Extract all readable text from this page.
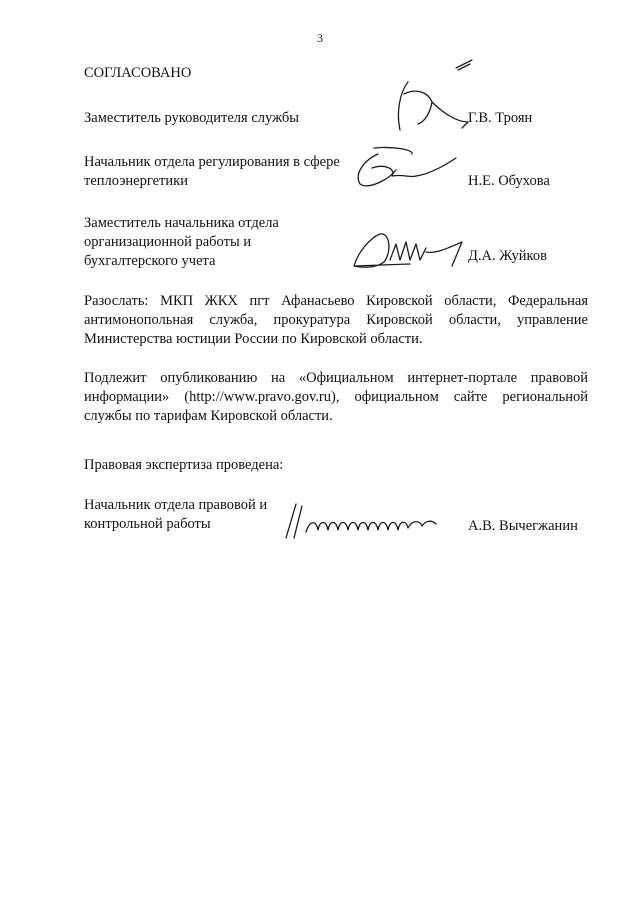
3
СОГЛАСОВАНО
Заместитель руководителя службы	Г.В. Троян
Начальник отдела регулирования в сфере теплоэнергетики	Н.Е. Обухова
Заместитель начальника отдела организационной работы и бухгалтерского учета	Д.А. Жуйков
Разослать: МКП ЖКХ пгт Афанасьево Кировской области, Федеральная антимонопольная служба, прокуратура Кировской области, управление Министерства юстиции России по Кировской области.
Подлежит опубликованию на «Официальном интернет-портале правовой информации» (http://www.pravo.gov.ru), официальном сайте региональной службы по тарифам Кировской области.
Правовая экспертиза проведена:
Начальник отдела правовой и контрольной работы	А.В. Вычегжанин
